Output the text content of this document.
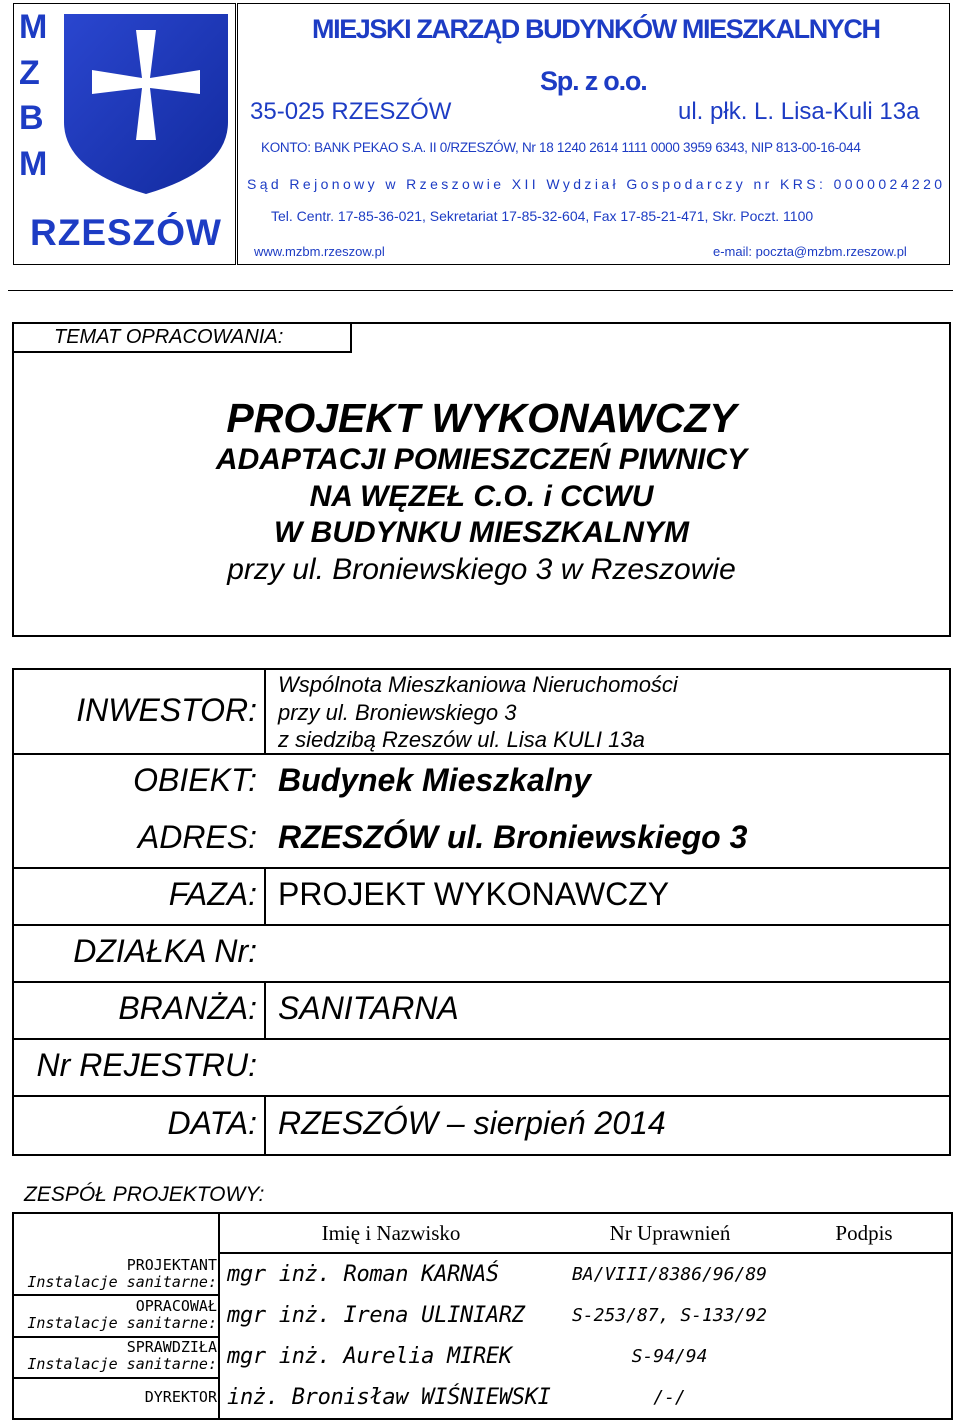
M
Z
B
M
RZESZÓW
MIEJSKI ZARZĄD BUDYNKÓW MIESZKALNYCH
Sp. z o.o.
35-025 RZESZÓW	ul. płk. L. Lisa-Kuli 13a
KONTO: BANK PEKAO S.A. II 0/RZESZÓW, Nr 18 1240 2614 1111 0000 3959 6343, NIP 813-00-16-044
Sąd Rejonowy w Rzeszowie XII Wydział Gospodarczy nr KRS: 0000024220
Tel. Centr. 17-85-36-021, Sekretariat 17-85-32-604, Fax 17-85-21-471, Skr. Poczt. 1100
www.mzbm.rzeszow.pl	e-mail: poczta@mzbm.rzeszow.pl
TEMAT OPRACOWANIA:
PROJEKT WYKONAWCZY
ADAPTACJI POMIESZCZEŃ PIWNICY
NA WĘZEŁ C.O. i CCWU
W BUDYNKU MIESZKALNYM
przy ul. Broniewskiego 3 w Rzeszowie
INWESTOR:
Wspólnota Mieszkaniowa Nieruchomości
przy ul. Broniewskiego 3
z siedzibą Rzeszów ul. Lisa KULI 13a
OBIEKT: Budynek Mieszkalny
ADRES: RZESZÓW ul. Broniewskiego 3
FAZA: PROJEKT WYKONAWCZY
DZIAŁKA Nr:
BRANŻA: SANITARNA
Nr REJESTRU:
DATA: RZESZÓW – sierpień 2014
ZESPÓŁ PROJEKTOWY:
Imię i Nazwisko	Nr Uprawnień	Podpis
PROJEKTANT
Instalacje sanitarne: mgr inż. Roman KARNAŚ	BA/VIII/8386/96/89
OPRACOWAŁ
Instalacje sanitarne: mgr inż. Irena ULINIARZ	S-253/87, S-133/92
SPRAWDZIŁA
Instalacje sanitarne: mgr inż. Aurelia MIREK	S-94/94
DYREKTOR inż. Bronisław WIŚNIEWSKI	/-/
